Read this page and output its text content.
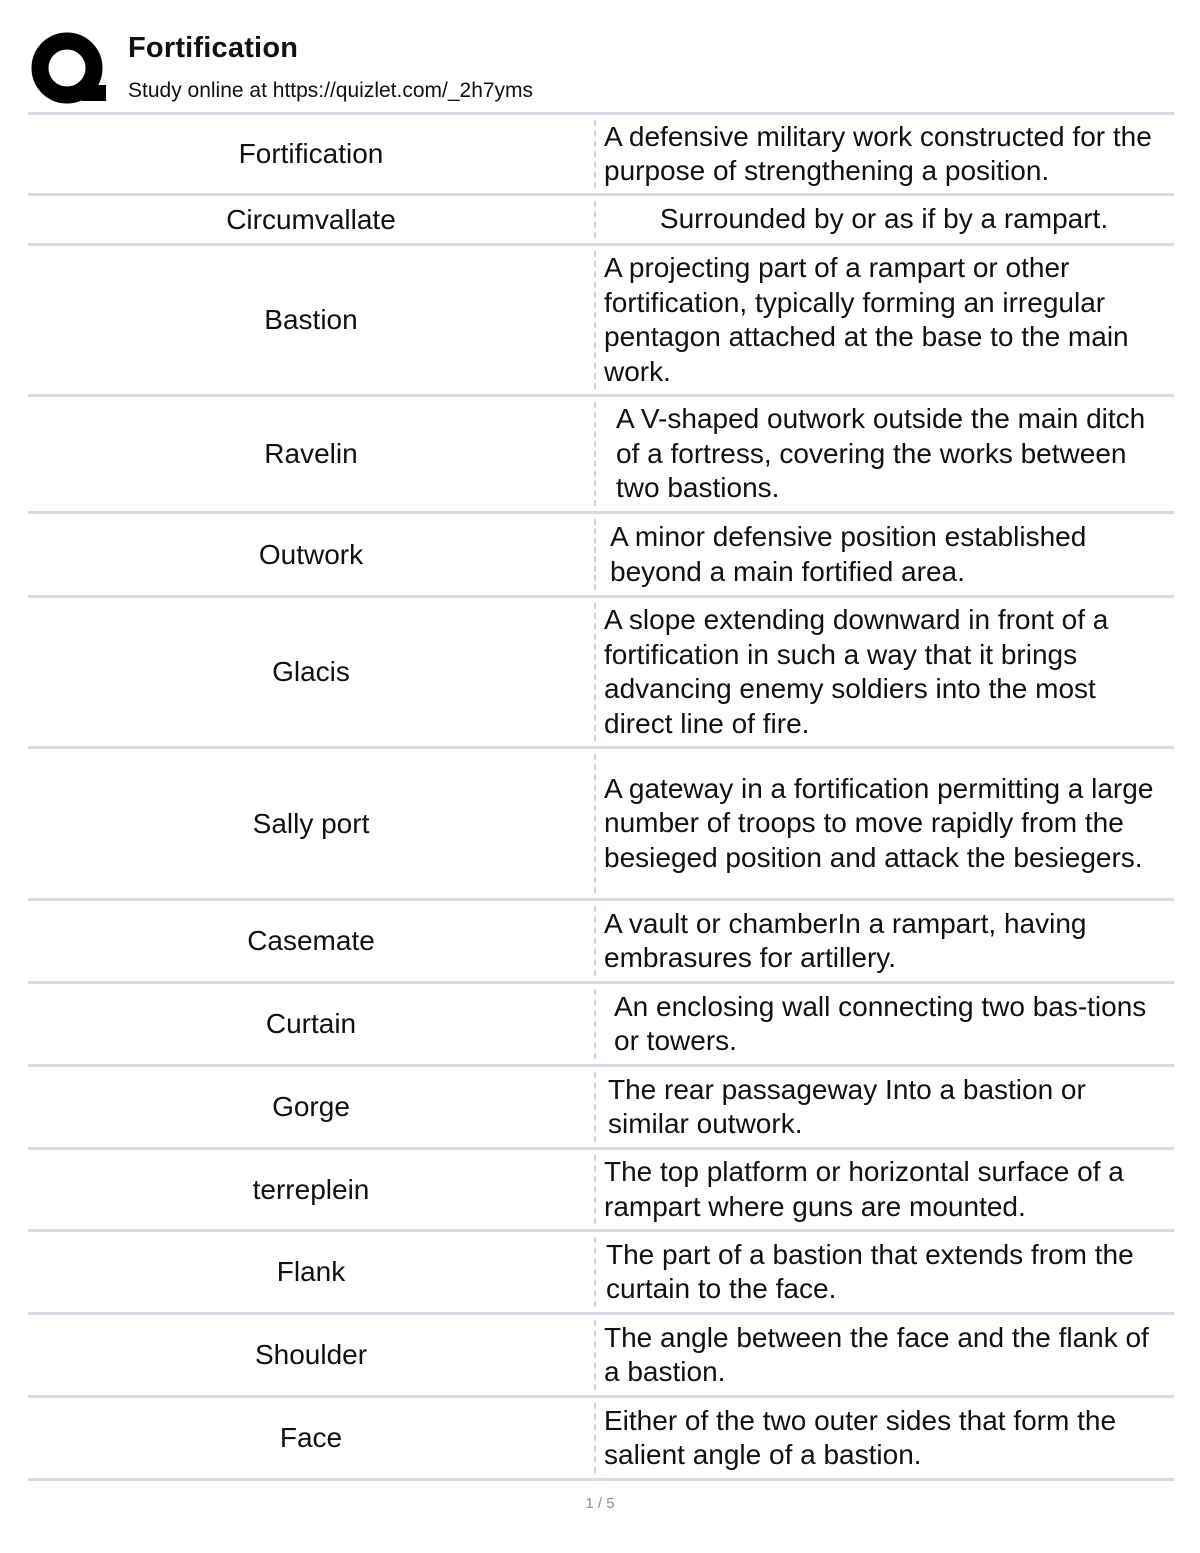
Fortification
Study online at https://quizlet.com/_2h7yms
Fortification
A defensive military work constructed for the purpose of strengthening a position.
Circumvallate	Surrounded by or as if by a rampart.
Bastion
A projecting part of a rampart or other fortification, typically forming an irregular pentagon attached at the base to the main work.
Ravelin
A V-shaped outwork outside the main ditch of a fortress, covering the works between two bastions.
Outwork
A minor defensive position established beyond a main fortified area.
Glacis
A slope extending downward in front of a fortification in such a way that it brings advancing enemy soldiers into the most direct line of fire.
Sally port
A gateway in a fortification permitting a large number of troops to move rapidly from the besieged position and attack the besiegers.
Casemate
A vault or chamberIn a rampart, having embrasures for artillery.
Curtain
An enclosing wall connecting two bas-tions or towers.
Gorge
The rear passageway Into a bastion or similar outwork.
terreplein
The top platform or horizontal surface of a rampart where guns are mounted.
Flank
The part of a bastion that extends from the curtain to the face.
Shoulder
The angle between the face and the flank of a bastion.
Face
Either of the two outer sides that form the salient angle of a bastion.
1 / 5
